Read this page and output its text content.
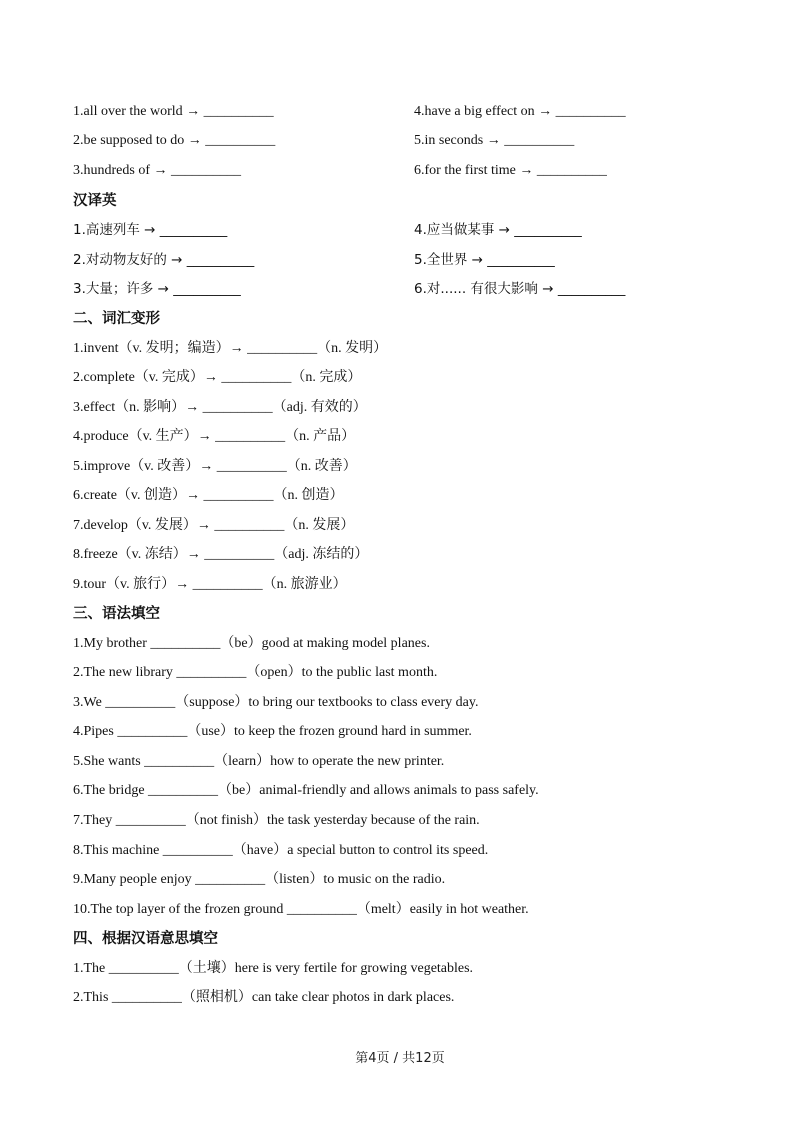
1.all over the world → __________
2.be supposed to do → __________
3.hundreds of → __________
4.have a big effect on → __________
5.in seconds → __________
6.for the first time → __________
汉译英
1.高速列车 → __________
2.对动物友好的 → __________
3.大量；许多 → __________
4.应当做某事 → __________
5.全世界 → __________
6.对...... 有很大影响 → __________
二、词汇变形
1.invent（v. 发明；编造）→ __________（n. 发明）
2.complete（v. 完成）→ __________（n. 完成）
3.effect（n. 影响）→ __________（adj. 有效的）
4.produce（v. 生产）→ __________（n. 产品）
5.improve（v. 改善）→ __________（n. 改善）
6.create（v. 创造）→ __________（n. 创造）
7.develop（v. 发展）→ __________（n. 发展）
8.freeze（v. 冻结）→ __________（adj. 冻结的）
9.tour（v. 旅行）→ __________（n. 旅游业）
三、语法填空
1.My brother __________（be）good at making model planes.
2.The new library __________（open）to the public last month.
3.We __________（suppose）to bring our textbooks to class every day.
4.Pipes __________（use）to keep the frozen ground hard in summer.
5.She wants __________（learn）how to operate the new printer.
6.The bridge __________（be）animal-friendly and allows animals to pass safely.
7.They __________（not finish）the task yesterday because of the rain.
8.This machine __________（have）a special button to control its speed.
9.Many people enjoy __________（listen）to music on the radio.
10.The top layer of the frozen ground __________（melt）easily in hot weather.
四、根据汉语意思填空
1.The __________（土壤）here is very fertile for growing vegetables.
2.This __________（照相机）can take clear photos in dark places.
第4页 / 共12页
